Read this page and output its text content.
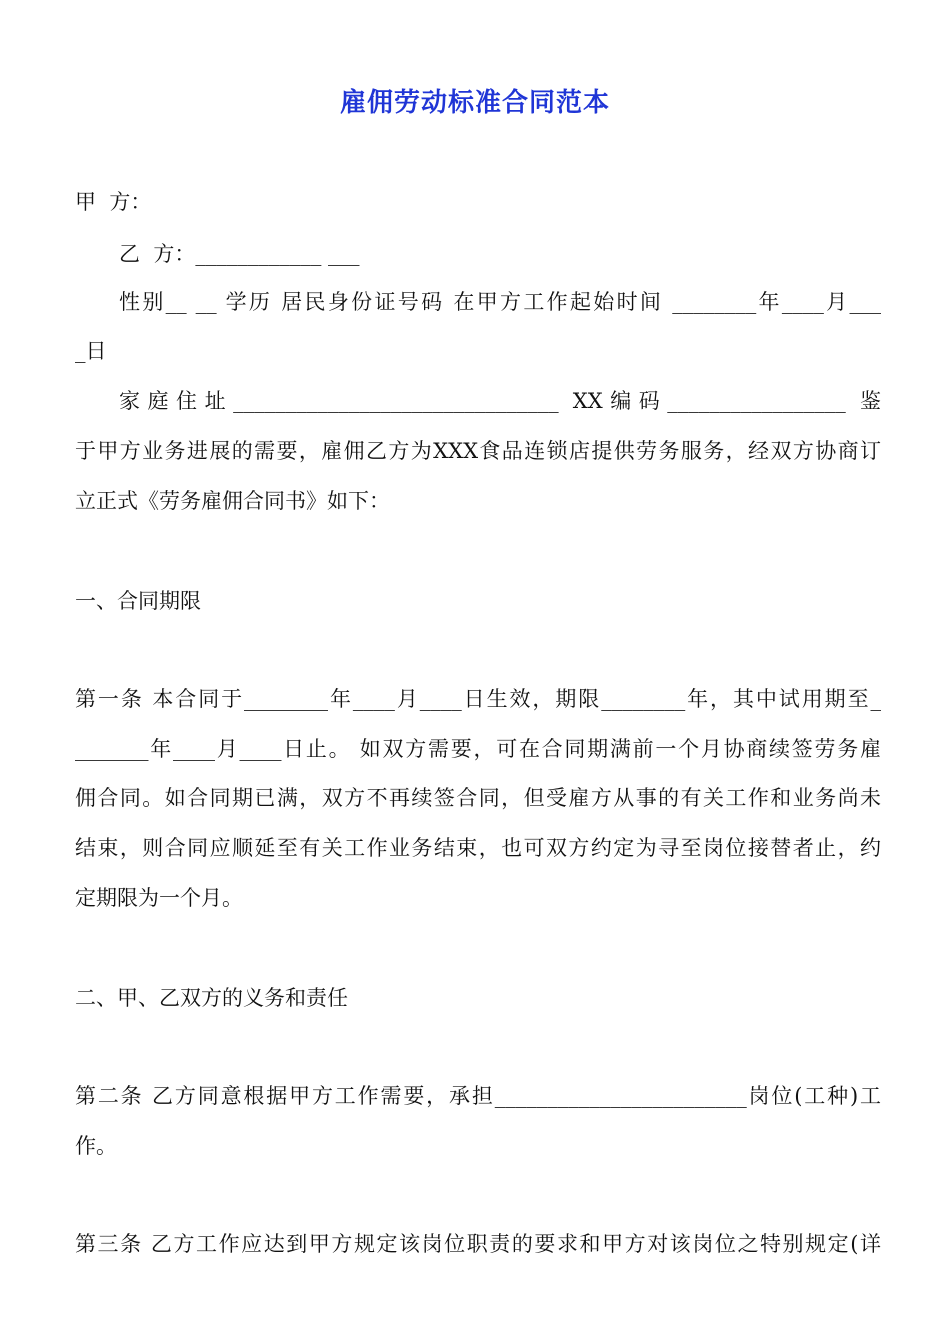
雇佣劳动标准合同范本
甲  方：
乙  方：____________ ___
性别__ __ 学历 居民身份证号码 在甲方工作起始时间 ________年____月___
_日
家庭住址_______________________________ XX编码_________________ 鉴
于甲方业务进展的需要，雇佣乙方为XXX食品连锁店提供劳务服务，经双方协商订
立正式《劳务雇佣合同书》如下：
一、合同期限
第一条 本合同于________年____月____日生效，期限________年，其中试用期至_
_______年____月____日止。 如双方需要，可在合同期满前一个月协商续签劳务雇
佣合同。如合同期已满，双方不再续签合同，但受雇方从事的有关工作和业务尚未
结束，则合同应顺延至有关工作业务结束，也可双方约定为寻至岗位接替者止，约
定期限为一个月。
二、甲、乙双方的义务和责任
第二条 乙方同意根据甲方工作需要，承担________________________岗位(工种)工
作。
第三条 乙方工作应达到甲方规定该岗位职责的要求和甲方对该岗位之特别规定(详
